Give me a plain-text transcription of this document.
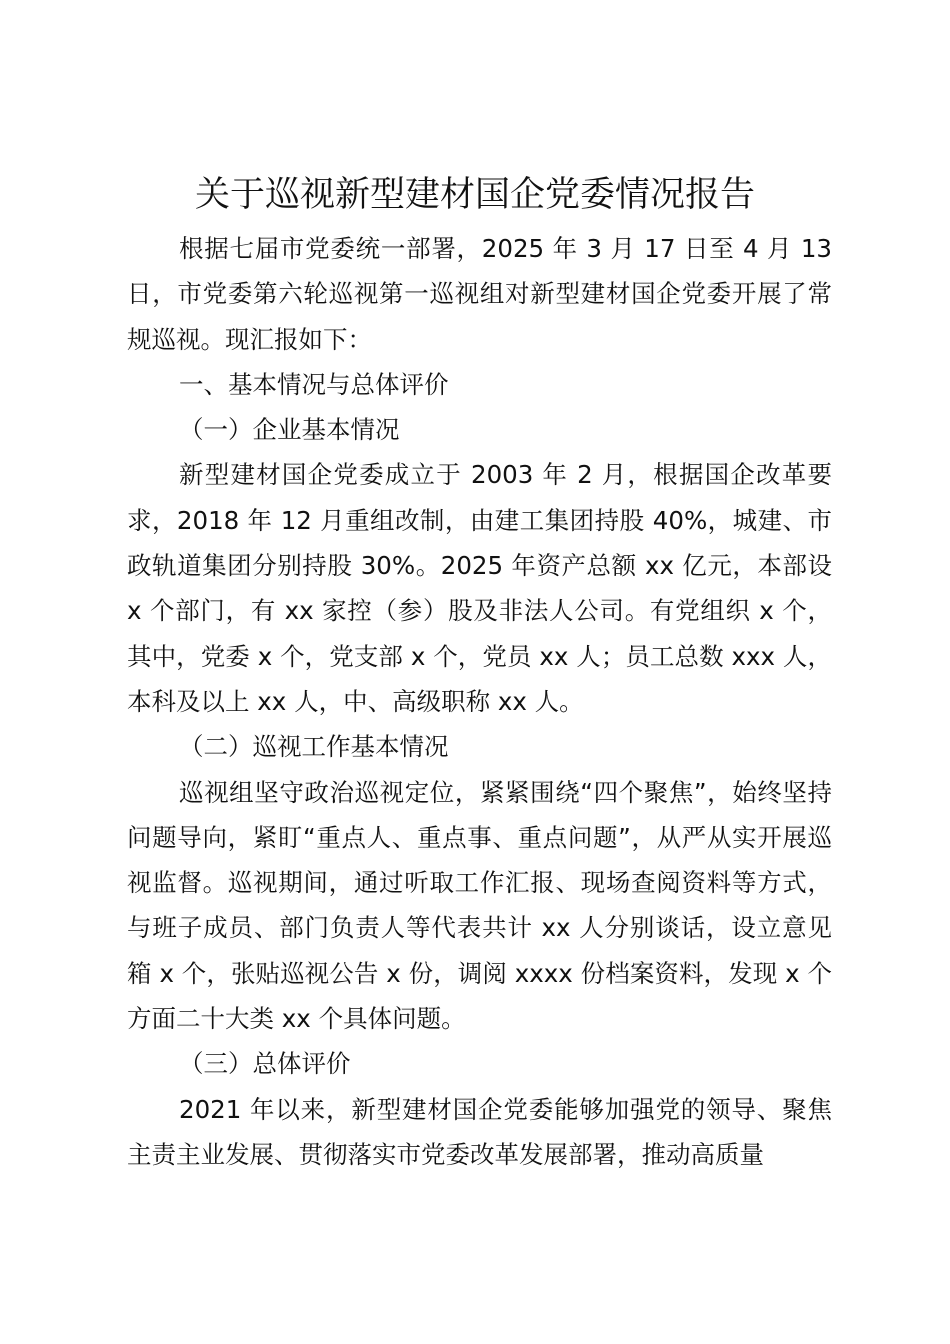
关于巡视新型建材国企党委情况报告

根据七届市党委统一部署，2025 年 3 月 17 日至 4 月 13 日，市党委第六轮巡视第一巡视组对新型建材国企党委开展了常规巡视。现汇报如下：

一、基本情况与总体评价

（一）企业基本情况

新型建材国企党委成立于 2003 年 2 月，根据国企改革要求，2018 年 12 月重组改制，由建工集团持股 40%，城建、市政轨道集团分别持股 30%。2025 年资产总额 xx 亿元，本部设 x 个部门，有 xx 家控（参）股及非法人公司。有党组织 x 个，其中，党委 x 个，党支部 x 个，党员 xx 人；员工总数 xxx 人，本科及以上 xx 人，中、高级职称 xx 人。

（二）巡视工作基本情况

巡视组坚守政治巡视定位，紧紧围绕“四个聚焦”，始终坚持问题导向，紧盯“重点人、重点事、重点问题”，从严从实开展巡视监督。巡视期间，通过听取工作汇报、现场查阅资料等方式，与班子成员、部门负责人等代表共计 xx 人分别谈话，设立意见箱 x 个，张贴巡视公告 x 份，调阅 xxxx 份档案资料，发现 x 个方面二十大类 xx 个具体问题。

（三）总体评价

2021 年以来，新型建材国企党委能够加强党的领导、聚焦主责主业发展、贯彻落实市党委改革发展部署，推动高质量
